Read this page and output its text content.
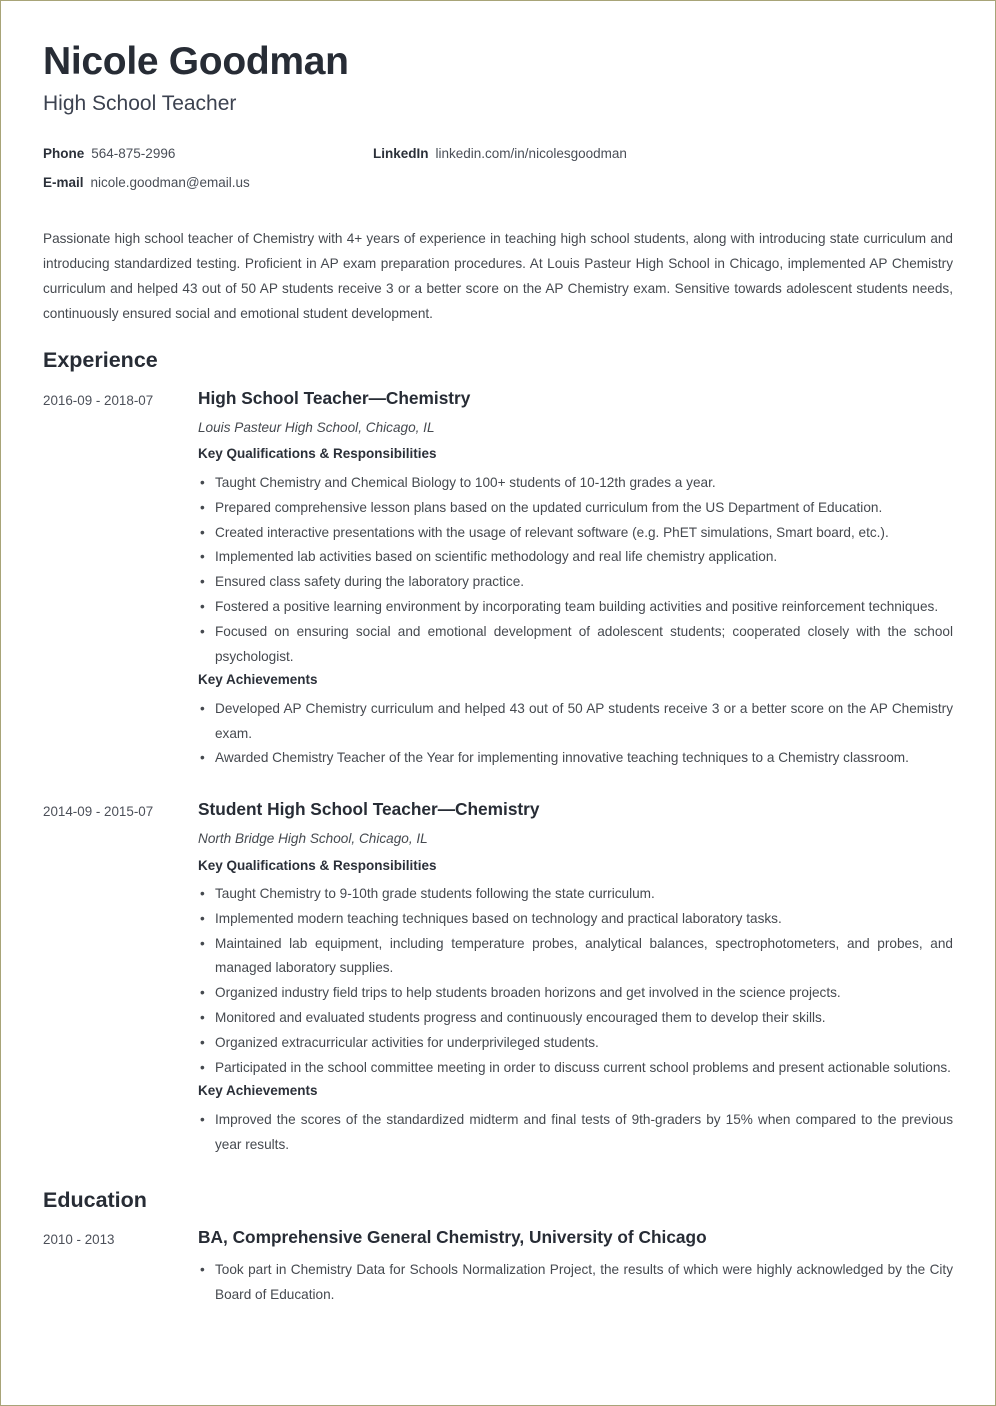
Nicole Goodman
High School Teacher
Phone 564-875-2996	LinkedIn linkedin.com/in/nicolesgoodman
E-mail nicole.goodman@email.us
Passionate high school teacher of Chemistry with 4+ years of experience in teaching high school students, along with introducing state curriculum and introducing standardized testing. Proficient in AP exam preparation procedures. At Louis Pasteur High School in Chicago, implemented AP Chemistry curriculum and helped 43 out of 50 AP students receive 3 or a better score on the AP Chemistry exam. Sensitive towards adolescent students needs, continuously ensured social and emotional student development.
Experience
2016-09 - 2018-07	High School Teacher—Chemistry
Louis Pasteur High School, Chicago, IL
Key Qualifications & Responsibilities
• Taught Chemistry and Chemical Biology to 100+ students of 10-12th grades a year.
• Prepared comprehensive lesson plans based on the updated curriculum from the US Department of Education.
• Created interactive presentations with the usage of relevant software (e.g. PhET simulations, Smart board, etc.).
• Implemented lab activities based on scientific methodology and real life chemistry application.
• Ensured class safety during the laboratory practice.
• Fostered a positive learning environment by incorporating team building activities and positive reinforcement techniques.
• Focused on ensuring social and emotional development of adolescent students; cooperated closely with the school psychologist.
Key Achievements
• Developed AP Chemistry curriculum and helped 43 out of 50 AP students receive 3 or a better score on the AP Chemistry exam.
• Awarded Chemistry Teacher of the Year for implementing innovative teaching techniques to a Chemistry classroom.
2014-09 - 2015-07	Student High School Teacher—Chemistry
North Bridge High School, Chicago, IL
Key Qualifications & Responsibilities
• Taught Chemistry to 9-10th grade students following the state curriculum.
• Implemented modern teaching techniques based on technology and practical laboratory tasks.
• Maintained lab equipment, including temperature probes, analytical balances, spectrophotometers, and probes, and managed laboratory supplies.
• Organized industry field trips to help students broaden horizons and get involved in the science projects.
• Monitored and evaluated students progress and continuously encouraged them to develop their skills.
• Organized extracurricular activities for underprivileged students.
• Participated in the school committee meeting in order to discuss current school problems and present actionable solutions.
Key Achievements
• Improved the scores of the standardized midterm and final tests of 9th-graders by 15% when compared to the previous year results.
Education
2010 - 2013	BA, Comprehensive General Chemistry, University of Chicago
• Took part in Chemistry Data for Schools Normalization Project, the results of which were highly acknowledged by the City Board of Education.
